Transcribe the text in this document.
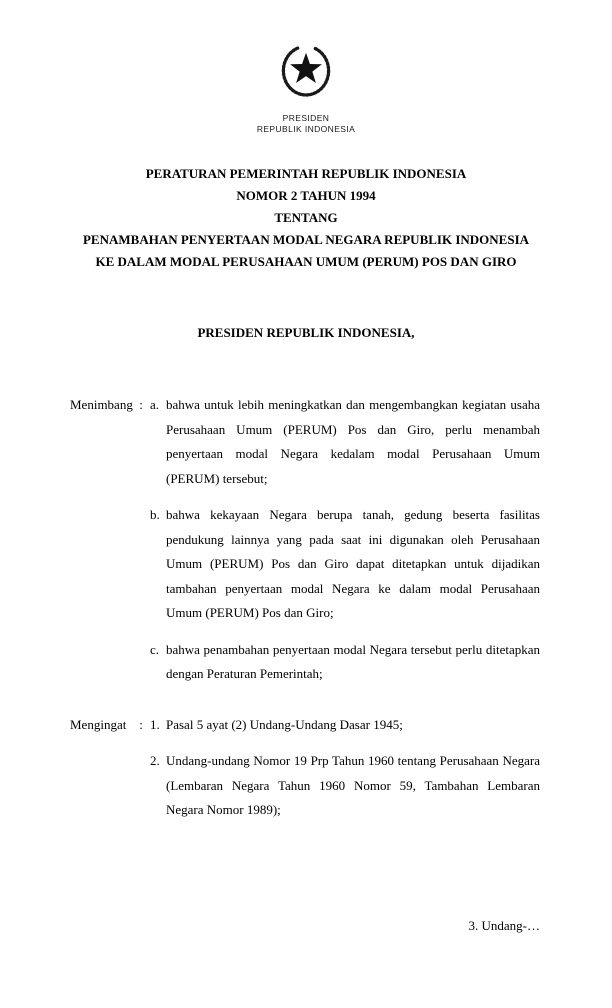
PRESIDEN
REPUBLIK INDONESIA
PERATURAN PEMERINTAH REPUBLIK INDONESIA
NOMOR 2 TAHUN 1994
TENTANG
PENAMBAHAN PENYERTAAN MODAL NEGARA REPUBLIK INDONESIA
KE DALAM MODAL PERUSAHAAN UMUM (PERUM) POS DAN GIRO
PRESIDEN REPUBLIK INDONESIA,
Menimbang : a. bahwa untuk lebih meningkatkan dan mengembangkan kegiatan usaha Perusahaan Umum (PERUM) Pos dan Giro, perlu menambah penyertaan modal Negara kedalam modal Perusahaan Umum (PERUM) tersebut;
b. bahwa kekayaan Negara berupa tanah, gedung beserta fasilitas pendukung lainnya yang pada saat ini digunakan oleh Perusahaan Umum (PERUM) Pos dan Giro dapat ditetapkan untuk dijadikan tambahan penyertaan modal Negara ke dalam modal Perusahaan Umum (PERUM) Pos dan Giro;
c. bahwa penambahan penyertaan modal Negara tersebut perlu ditetapkan dengan Peraturan Pemerintah;
Mengingat : 1. Pasal 5 ayat (2) Undang-Undang Dasar 1945;
2. Undang-undang Nomor 19 Prp Tahun 1960 tentang Perusahaan Negara (Lembaran Negara Tahun 1960 Nomor 59, Tambahan Lembaran Negara Nomor 1989);
3. Undang-…
